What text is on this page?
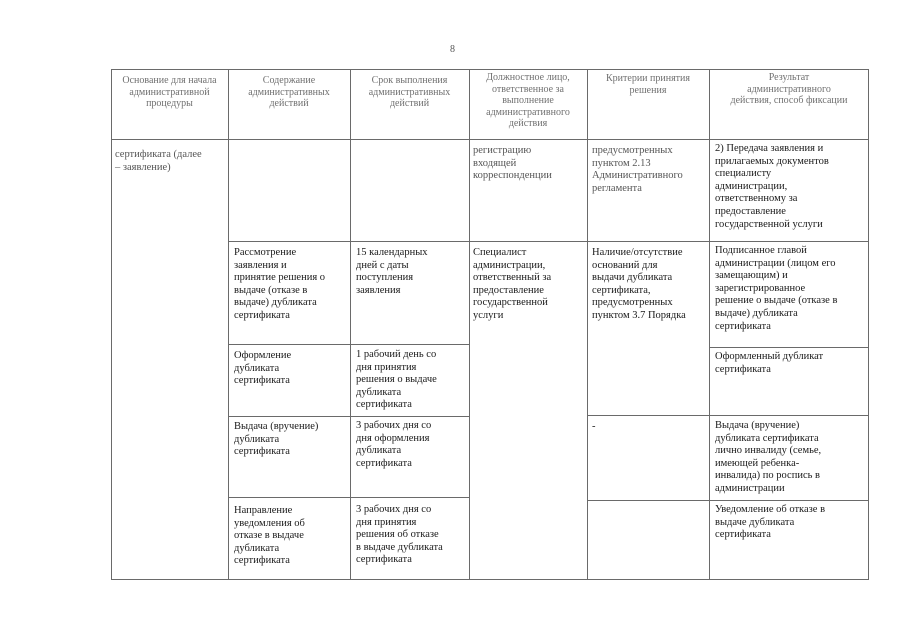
8
Основание для начала
административной
процедуры
Содержание
административных
действий
Срок выполнения
административных
действий
Должностное лицо,
ответственное за
выполнение
административного
действия
Критерии принятия
решения
Результат
административного
действия, способ фиксации
сертификата (далее
– заявление)
регистрацию
входящей
корреспонденции
предусмотренных
пунктом 2.13
Административного
регламента
2) Передача заявления и
прилагаемых документов
специалисту
администрации,
ответственному за
предоставление
государственной услуги
Рассмотрение
заявления и
принятие решения о
выдаче (отказе в
выдаче) дубликата
сертификата
15 календарных
дней с даты
поступления
заявления
Специалист
администрации,
ответственный за
предоставление
государственной
услуги
Наличие/отсутствие
оснований для
выдачи дубликата
сертификата,
предусмотренных
пунктом 3.7 Порядка
Подписанное главой
администрации (лицом его
замещающим) и
зарегистрированное
решение о выдаче (отказе в
выдаче) дубликата
сертификата
Оформление
дубликата
сертификата
1 рабочий день со
дня принятия
решения о выдаче
дубликата
сертификата
Оформленный дубликат
сертификата
Выдача (вручение)
дубликата
сертификата
3 рабочих дня со
дня оформления
дубликата
сертификата
-	Выдача (вручение)
дубликата сертификата
лично инвалиду (семье,
имеющей ребенка-
инвалида) по роспись в
администрации
Направление
уведомления об
отказе в выдаче
дубликата
сертификата
3 рабочих дня со
дня принятия
решения об отказе
в выдаче дубликата
сертификата
Уведомление об отказе в
выдаче дубликата
сертификата
